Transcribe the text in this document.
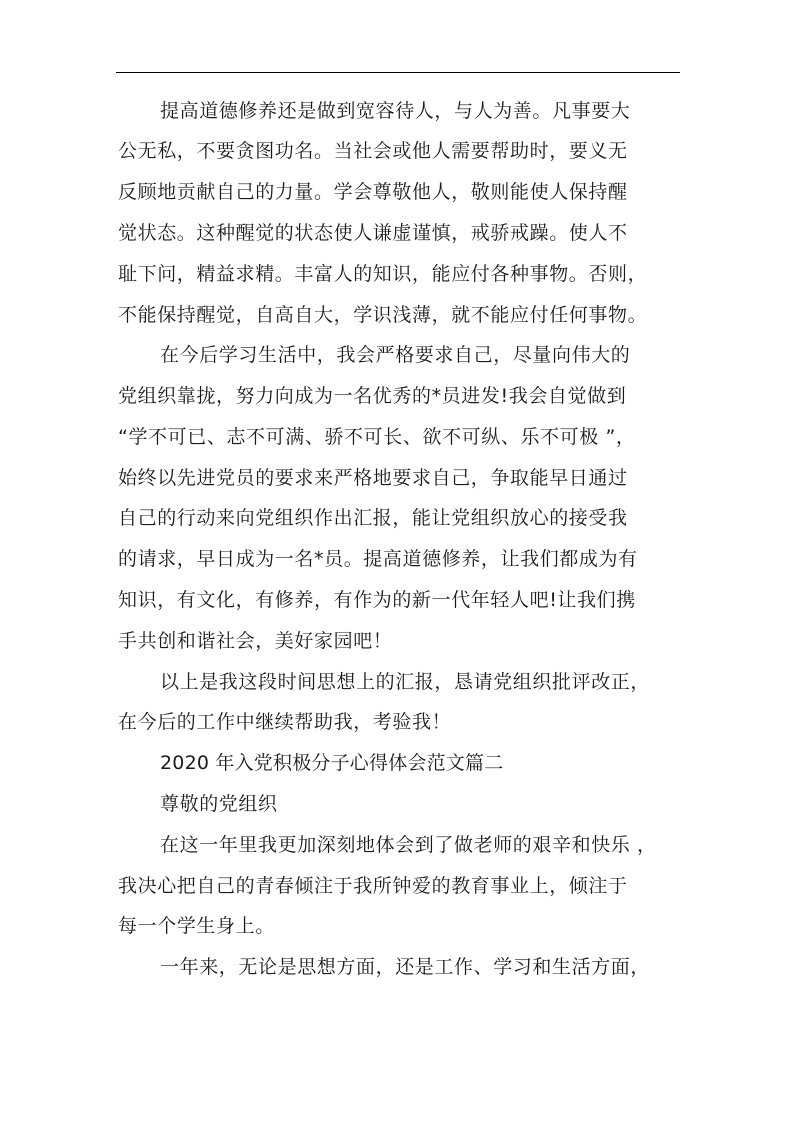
提高道德修养还是做到宽容待人，与人为善。凡事要大
公无私，不要贪图功名。当社会或他人需要帮助时，要义无
反顾地贡献自己的力量。学会尊敬他人，敬则能使人保持醒
觉状态。这种醒觉的状态使人谦虚谨慎，戒骄戒躁。使人不
耻下问，精益求精。丰富人的知识，能应付各种事物。否则，
不能保持醒觉，自高自大，学识浅薄，就不能应付任何事物。
在今后学习生活中，我会严格要求自己，尽量向伟大的
党组织靠拢，努力向成为一名优秀的*员进发!我会自觉做到
“学不可已、志不可满、骄不可长、欲不可纵、乐不可极 ”，
始终以先进党员的要求来严格地要求自己，争取能早日通过
自己的行动来向党组织作出汇报，能让党组织放心的接受我
的请求，早日成为一名*员。提高道德修养，让我们都成为有
知识，有文化，有修养，有作为的新一代年轻人吧!让我们携
手共创和谐社会，美好家园吧！
以上是我这段时间思想上的汇报，恳请党组织批评改正，
在今后的工作中继续帮助我，考验我！
2020 年入党积极分子心得体会范文篇二
尊敬的党组织
在这一年里我更加深刻地体会到了做老师的艰辛和快乐 ，
我决心把自己的青春倾注于我所钟爱的教育事业上，倾注于
每一个学生身上。
一年来，无论是思想方面，还是工作、学习和生活方面，
